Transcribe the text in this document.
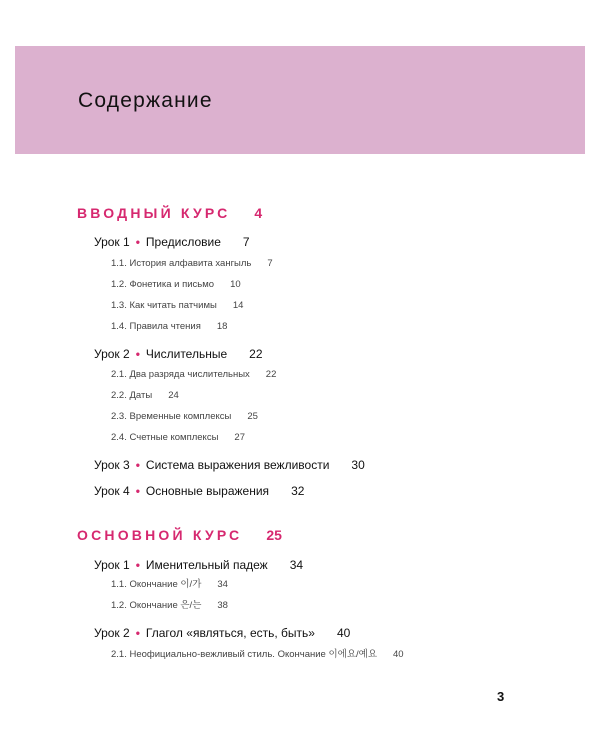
Содержание
ВВОДНЫЙ КУРС 4
Урок 1 • Предисловие 7
1.1. История алфавита хангыль 7
1.2. Фонетика и письмо 10
1.3. Как читать патчимы 14
1.4. Правила чтения 18
Урок 2 • Числительные 22
2.1. Два разряда числительных 22
2.2. Даты 24
2.3. Временные комплексы 25
2.4. Счетные комплексы 27
Урок 3 • Система выражения вежливости 30
Урок 4 • Основные выражения 32
ОСНОВНОЙ КУРС 25
Урок 1 • Именительный падеж 34
1.1. Окончание 이/가 34
1.2. Окончание 은/는 38
Урок 2 • Глагол «являться, есть, быть» 40
2.1. Неофициально-вежливый стиль. Окончание 이에요/예요 40
3
